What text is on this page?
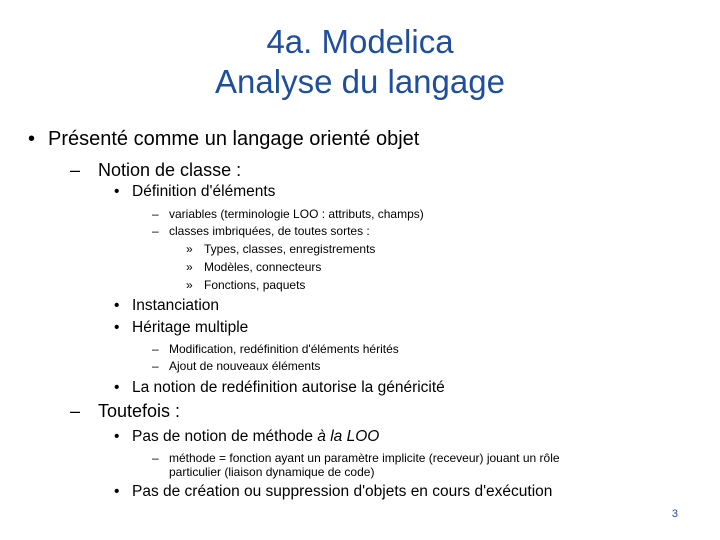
4a. Modelica
Analyse du langage
• Présenté comme un langage orienté objet
– Notion de classe :
• Définition d'éléments
– variables (terminologie LOO : attributs, champs)
– classes imbriquées, de toutes sortes :
» Types, classes, enregistrements
» Modèles, connecteurs
» Fonctions, paquets
• Instanciation
• Héritage multiple
– Modification, redéfinition d'éléments hérités
– Ajout de nouveaux éléments
• La notion de redéfinition autorise la généricité
– Toutefois :
• Pas de notion de méthode à la LOO
– méthode = fonction ayant un paramètre implicite (receveur) jouant un rôle
particulier (liaison dynamique de code)
• Pas de création ou suppression d'objets en cours d'exécution
3
